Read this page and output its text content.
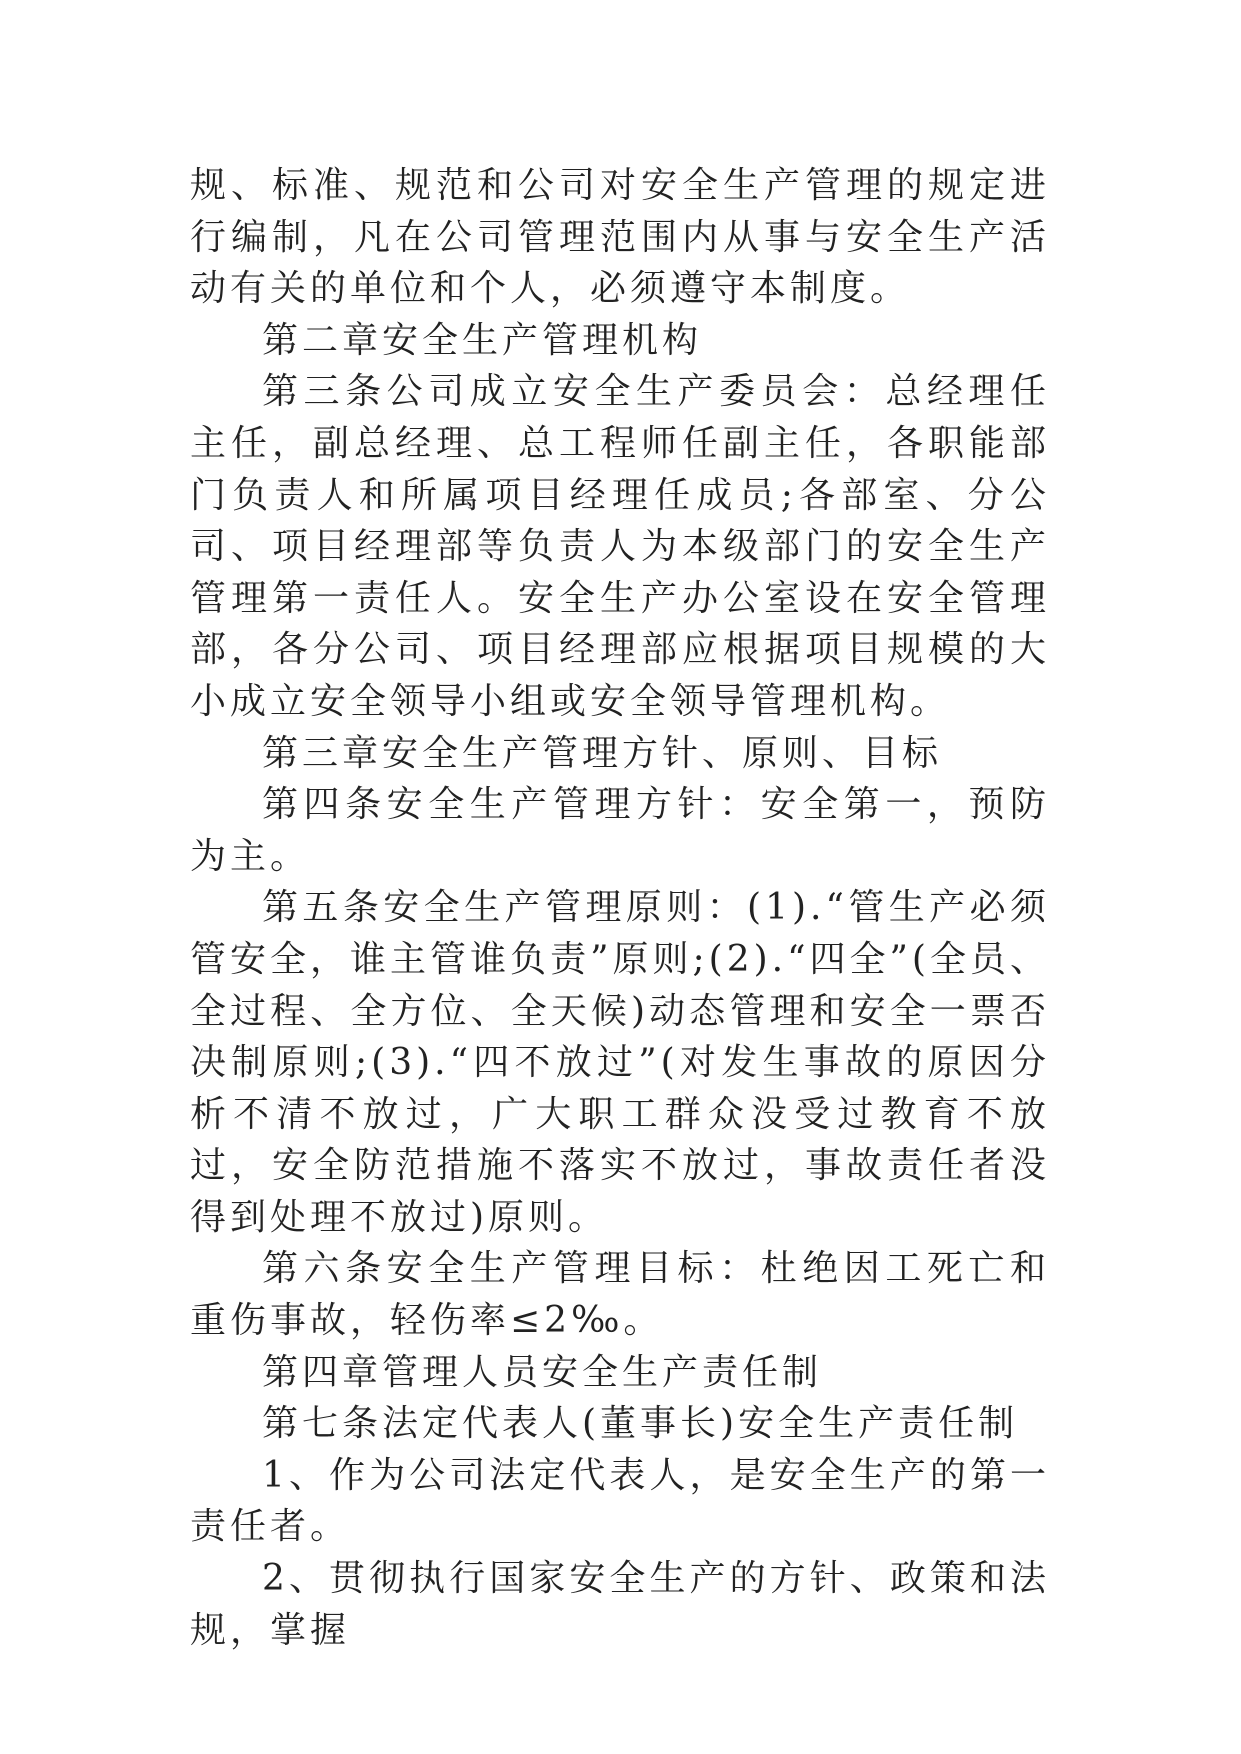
规、标准、规范和公司对安全生产管理的规定进行编制，凡在公司管理范围内从事与安全生产活动有关的单位和个人，必须遵守本制度。

第二章安全生产管理机构

第三条公司成立安全生产委员会：总经理任主任，副总经理、总工程师任副主任，各职能部门负责人和所属项目经理任成员;各部室、分公司、项目经理部等负责人为本级部门的安全生产管理第一责任人。安全生产办公室设在安全管理部，各分公司、项目经理部应根据项目规模的大小成立安全领导小组或安全领导管理机构。

第三章安全生产管理方针、原则、目标

第四条安全生产管理方针：安全第一，预防为主。

第五条安全生产管理原则：(1).“管生产必须管安全，谁主管谁负责”原则;(2).“四全”(全员、全过程、全方位、全天候)动态管理和安全一票否决制原则;(3).“四不放过”(对发生事故的原因分析不清不放过，广大职工群众没受过教育不放过，安全防范措施不落实不放过，事故责任者没得到处理不放过)原则。

第六条安全生产管理目标：杜绝因工死亡和重伤事故，轻伤率≤2‰。

第四章管理人员安全生产责任制

第七条法定代表人(董事长)安全生产责任制

1、作为公司法定代表人，是安全生产的第一责任者。

2、贯彻执行国家安全生产的方针、政策和法规，掌握
